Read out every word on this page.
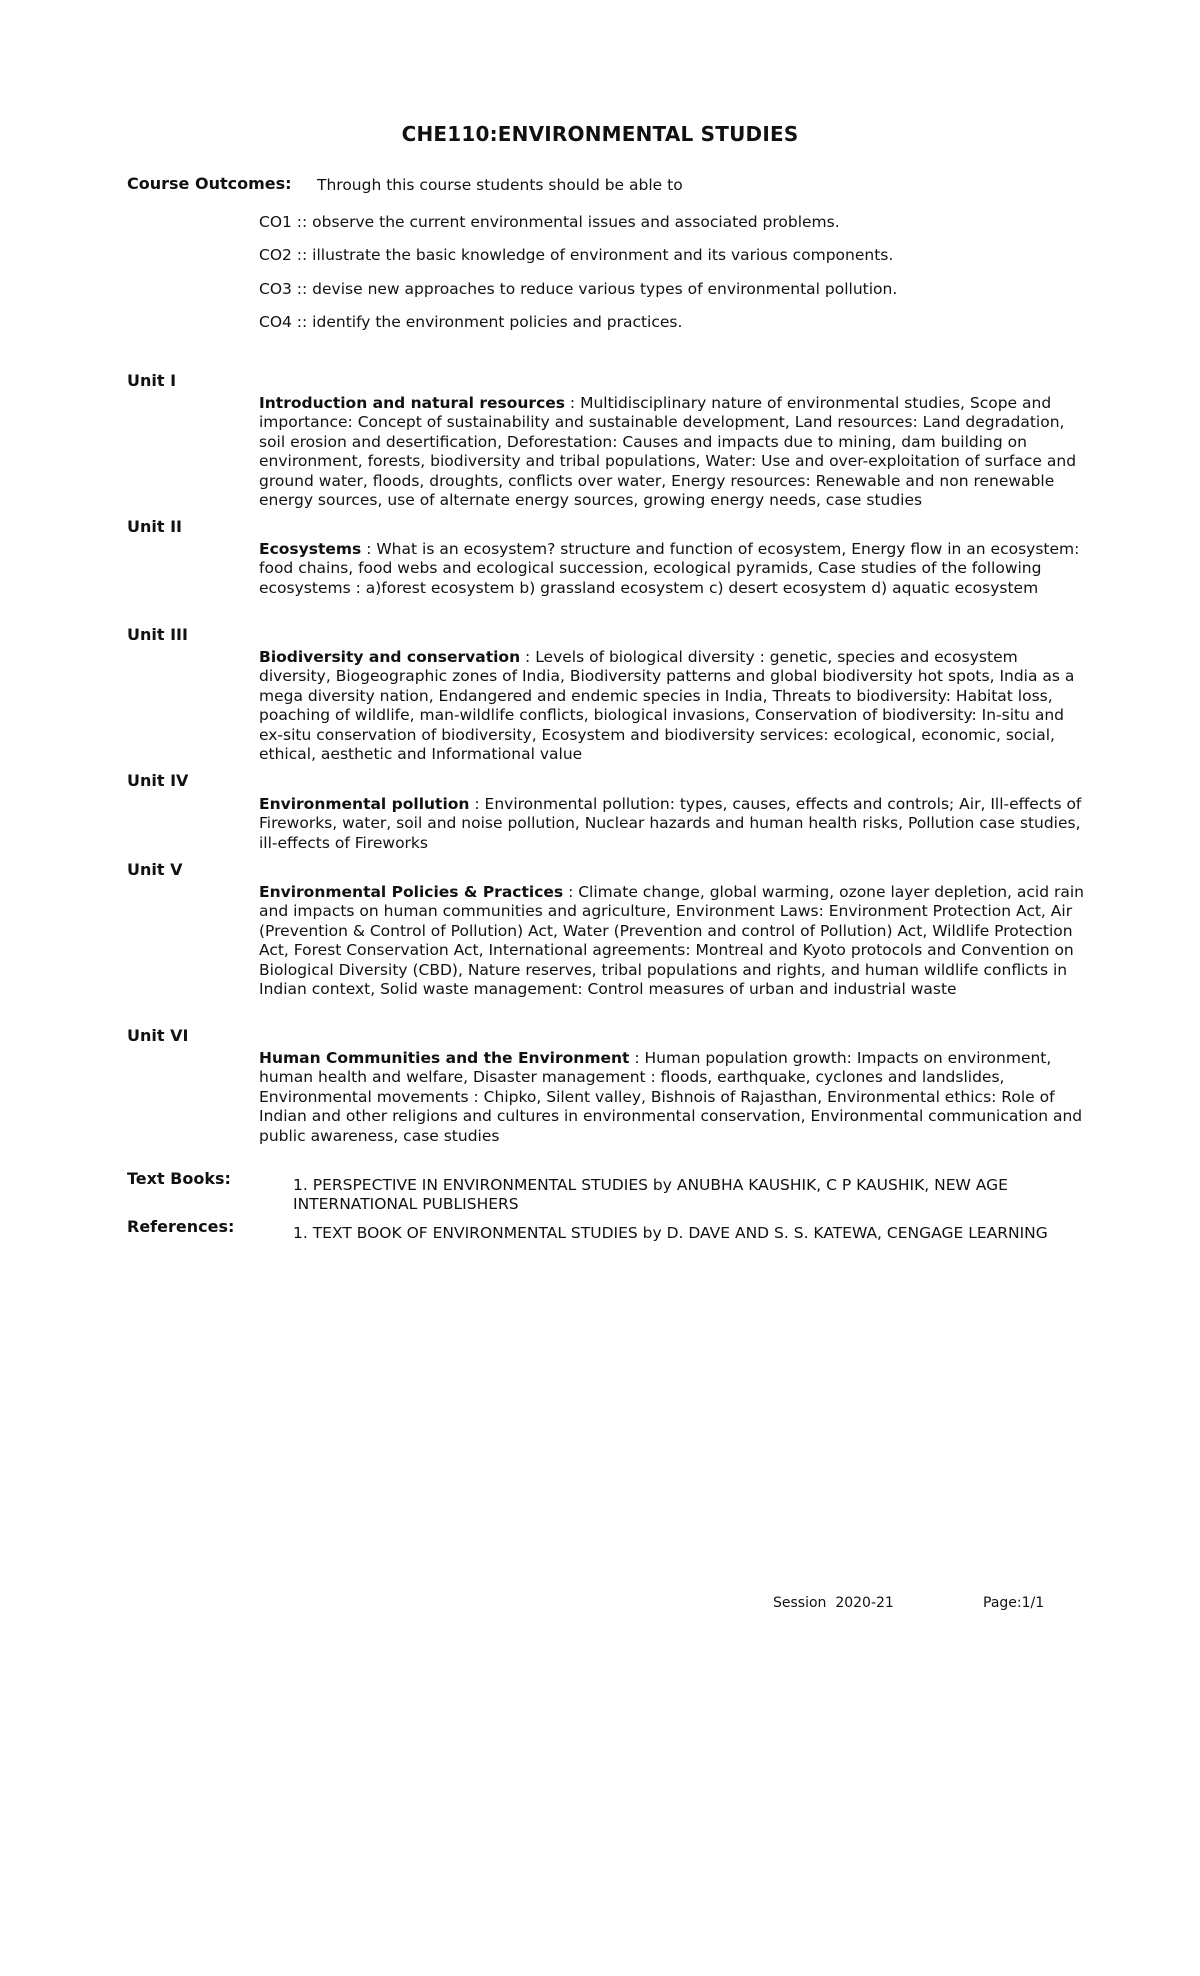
CHE110:ENVIRONMENTAL STUDIES
Course Outcomes: Through this course students should be able to
CO1 :: observe the current environmental issues and associated problems.
CO2 :: illustrate the basic knowledge of environment and its various components.
CO3 :: devise new approaches to reduce various types of environmental pollution.
CO4 :: identify the environment policies and practices.
Unit I
Introduction and natural resources : Multidisciplinary nature of environmental studies, Scope and importance: Concept of sustainability and sustainable development, Land resources: Land degradation, soil erosion and desertification, Deforestation: Causes and impacts due to mining, dam building on environment, forests, biodiversity and tribal populations, Water: Use and over-exploitation of surface and ground water, floods, droughts, conflicts over water, Energy resources: Renewable and non renewable energy sources, use of alternate energy sources, growing energy needs, case studies
Unit II
Ecosystems : What is an ecosystem? structure and function of ecosystem, Energy flow in an ecosystem: food chains, food webs and ecological succession, ecological pyramids, Case studies of the following ecosystems : a)forest ecosystem b) grassland ecosystem c) desert ecosystem d) aquatic ecosystem
Unit III
Biodiversity and conservation : Levels of biological diversity : genetic, species and ecosystem diversity, Biogeographic zones of India, Biodiversity patterns and global biodiversity hot spots, India as a mega diversity nation, Endangered and endemic species in India, Threats to biodiversity: Habitat loss, poaching of wildlife, man-wildlife conflicts, biological invasions, Conservation of biodiversity: In-situ and ex-situ conservation of biodiversity, Ecosystem and biodiversity services: ecological, economic, social, ethical, aesthetic and Informational value
Unit IV
Environmental pollution : Environmental pollution: types, causes, effects and controls; Air, Ill-effects of Fireworks, water, soil and noise pollution, Nuclear hazards and human health risks, Pollution case studies, ill-effects of Fireworks
Unit V
Environmental Policies & Practices : Climate change, global warming, ozone layer depletion, acid rain and impacts on human communities and agriculture, Environment Laws: Environment Protection Act, Air (Prevention & Control of Pollution) Act, Water (Prevention and control of Pollution) Act, Wildlife Protection Act, Forest Conservation Act, International agreements: Montreal and Kyoto protocols and Convention on Biological Diversity (CBD), Nature reserves, tribal populations and rights, and human wildlife conflicts in Indian context, Solid waste management: Control measures of urban and industrial waste
Unit VI
Human Communities and the Environment : Human population growth: Impacts on environment, human health and welfare, Disaster management : floods, earthquake, cyclones and landslides, Environmental movements : Chipko, Silent valley, Bishnois of Rajasthan, Environmental ethics: Role of Indian and other religions and cultures in environmental conservation, Environmental communication and public awareness, case studies
Text Books:	1. PERSPECTIVE IN ENVIRONMENTAL STUDIES by ANUBHA KAUSHIK, C P KAUSHIK, NEW AGE INTERNATIONAL PUBLISHERS
References:	1. TEXT BOOK OF ENVIRONMENTAL STUDIES by D. DAVE AND S. S. KATEWA, CENGAGE LEARNING
Session  2020-21	Page:1/1
